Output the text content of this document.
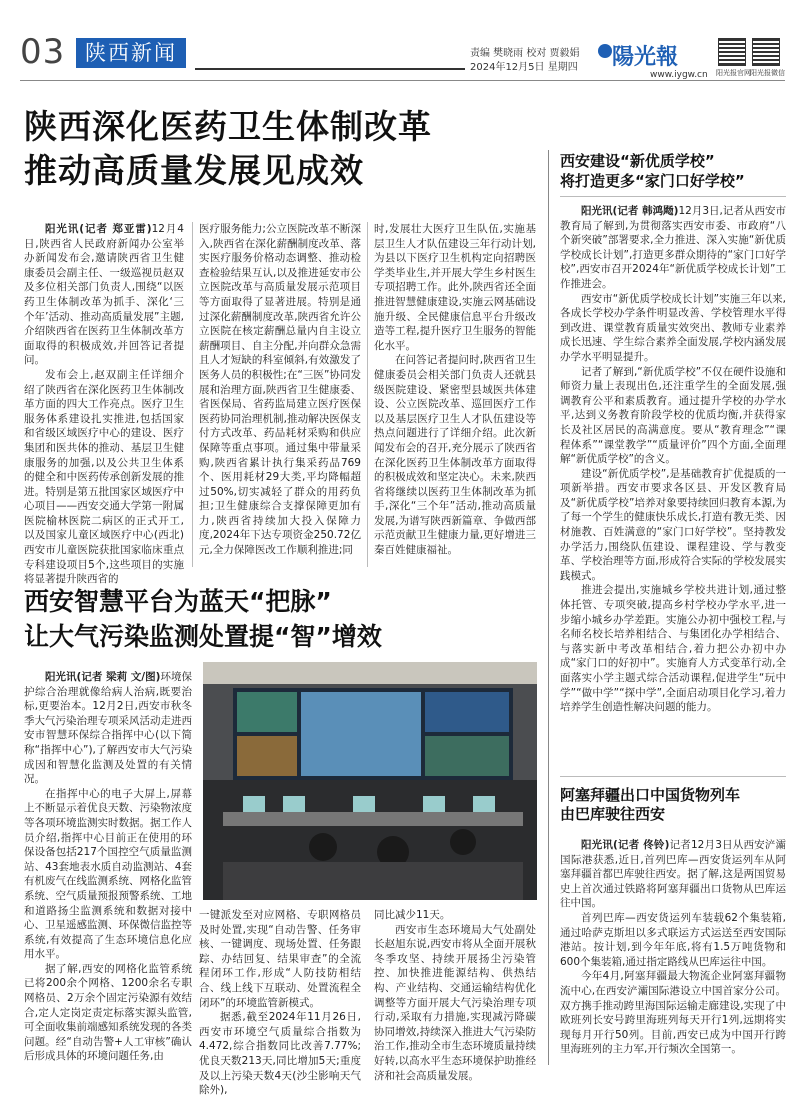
03 陕西新闻	责编 樊晓雨 校对 贾毅娟
2024年12月5日 星期四 陽光報
www.iygw.cn 阳光报官网 阳光报微信
陕西深化医药卫生体制改革
推动高质量发展见成效

阳光讯(记者 郑亚雷)12月4日,陕西省人民政府新闻办公室举办新闻发布会,邀请陕西省卫生健康委员会副主任、一级巡视员赵双及多位相关部门负责人,围绕“以医药卫生体制改革为抓手、深化‘三个年’活动、推动高质量发展”主题,介绍陕西省在医药卫生体制改革方面取得的积极成效,并回答记者提问。

发布会上,赵双副主任详细介绍了陕西省在深化医药卫生体制改革方面的四大工作亮点。医疗卫生服务体系建设扎实推进,包括国家和省级区域医疗中心的建设、医疗集团和医共体的推动、基层卫生健康服务的加强,以及公共卫生体系的健全和中医药传承创新发展的推进。特别是第五批国家区域医疗中心项目——西安交通大学第一附属医院榆林医院二病区的正式开工,以及国家儿童区域医疗中心(西北)西安市儿童医院获批国家临床重点专科建设项目5个,这些项目的实施将显著提升陕西省的

医疗服务能力;公立医院改革不断深入,陕西省在深化薪酬制度改革、落实医疗服务价格动态调整、推动检查检验结果互认,以及推进延安市公立医院改革与高质量发展示范项目等方面取得了显著进展。特别是通过深化薪酬制度改革,陕西省允许公立医院在核定薪酬总量内自主设立薪酬项目、自主分配,并向群众急需且人才短缺的科室倾斜,有效激发了医务人员的积极性;在“三医”协同发展和治理方面,陕西省卫生健康委、省医保局、省药监局建立医疗医保医药协同治理机制,推动解决医保支付方式改革、药品耗材采购和供应保障等重点事项。通过集中带量采购,陕西省累计执行集采药品769个、医用耗材29大类,平均降幅超过50%,切实减轻了群众的用药负担;卫生健康综合支撑保障更加有力,陕西省持续加大投入保障力度,2024年下达专项资金250.72亿元,全力保障医改工作顺利推进;同

时,发展壮大医疗卫生队伍,实施基层卫生人才队伍建设三年行动计划,为县以下医疗卫生机构定向招聘医学类毕业生,并开展大学生乡村医生专项招聘工作。此外,陕西省还全面推进智慧健康建设,实施云网基础设施升级、全民健康信息平台升级改造等工程,提升医疗卫生服务的智能化水平。

在问答记者提问时,陕西省卫生健康委员会相关部门负责人还就县级医院建设、紧密型县域医共体建设、公立医院改革、巡回医疗工作以及基层医疗卫生人才队伍建设等热点问题进行了详细介绍。此次新闻发布会的召开,充分展示了陕西省在深化医药卫生体制改革方面取得的积极成效和坚定决心。未来,陕西省将继续以医药卫生体制改革为抓手,深化“三个年”活动,推动高质量发展,为谱写陕西新篇章、争做西部示范贡献卫生健康力量,更好增进三秦百姓健康福祉。

西安智慧平台为蓝天“把脉”
让大气污染监测处置提“智”增效

阳光讯(记者 梁莉 文/图)环境保护综合治理就像给病人治病,既要治标,更要治本。12月2日,西安市秋冬季大气污染治理专项采风活动走进西安市智慧环保综合指挥中心(以下简称“指挥中心”),了解西安市大气污染成因和智慧化监测及处置的有关情况。

在指挥中心的电子大屏上,屏幕上不断显示着优良天数、污染物浓度等各项环境监测实时数据。据工作人员介绍,指挥中心目前正在使用的环保设备包括217个国控空气质量监测站、43套地表水质自动监测站、4套有机废气在线监测系统、网格化监管系统、空气质量预报预警系统、工地和道路扬尘监测系统和数据对接中心、卫星遥感监测、环保微信监控等系统,有效提高了生态环境信息化应用水平。

据了解,西安的网格化监管系统已将200余个网格、1200余名专职网格员、2万余个固定污染源有效结合,定人定岗定责定标落实源头监管,可全面收集前端感知系统发现的各类问题。经“自动告警+人工审核”确认后形成具体的环境问题任务,由

一键派发至对应网格、专职网格员及时处置,实现“自动告警、任务审核、一键调度、现场处置、任务跟踪、办结回复、结果审查”的全流程闭环工作,形成“人防技防相结合、线上线下互联动、处置流程全闭环”的环境监管新模式。

据悉,截至2024年11月26日,西安市环境空气质量综合指数为4.472,综合指数同比改善7.77%;优良天数213天,同比增加5天;重度及以上污染天数4天(沙尘影响天气除外),

同比减少11天。

西安市生态环境局大气处副处长赵旭东说,西安市将从全面开展秋冬季攻坚、持续开展扬尘污染管控、加快推进能源结构、供热结构、产业结构、交通运输结构优化调整等方面开展大气污染治理专项行动,采取有力措施,实现减污降碳协同增效,持续深入推进大气污染防治工作,推动全市生态环境质量持续好转,以高水平生态环境保护助推经济和社会高质量发展。

西安建设“新优质学校”
将打造更多“家门口好学校”

阳光讯(记者 韩鸿飏)12月3日,记者从西安市教育局了解到,为贯彻落实西安市委、市政府“八个新突破”部署要求,全力推进、深入实施“新优质学校成长计划”,打造更多群众期待的“家门口好学校”,西安市召开2024年“新优质学校成长计划”工作推进会。

西安市“新优质学校成长计划”实施三年以来,各成长学校办学条件明显改善、学校管理水平得到改进、课堂教育质量实效突出、教师专业素养成长迅速、学生综合素养全面发展,学校内涵发展办学水平明显提升。

记者了解到,“新优质学校”不仅在硬件设施和师资力量上表现出色,还注重学生的全面发展,强调教育公平和素质教育。通过提升学校的办学水平,达到义务教育阶段学校的优质均衡,并获得家长及社区居民的高满意度。要从“教育理念”“课程体系”“课堂教学”“质量评价”四个方面,全面理解“新优质学校”的含义。

建设“新优质学校”,是基础教育扩优提质的一项新举措。西安市要求各区县、开发区教育局及“新优质学校”培养对象要持续回归教育本源,为了每一个学生的健康快乐成长,打造有教无类、因材施教、百姓满意的“家门口好学校”。坚持教发办学活力,围绕队伍建设、课程建设、学与教变革、学校治理等方面,形成符合实际的学校发展实践模式。

推进会提出,实施城乡学校共进计划,通过整体托管、专项突破,提高乡村学校办学水平,进一步缩小城乡办学差距。实施公办初中强校工程,与名师名校长培养相结合、与集团化办学相结合、与落实新中考改革相结合,着力把公办初中办成“家门口的好初中”。实施育人方式变革行动,全面落实小学主题式综合活动课程,促进学生“玩中学”“做中学”“探中学”,全面启动项目化学习,着力培养学生创造性解决问题的能力。

阿塞拜疆出口中国货物列车
由巴库驶往西安

阳光讯(记者 佟铃)记者12月3日从西安浐灞国际港获悉,近日,首列巴库—西安货运列车从阿塞拜疆首都巴库驶往西安。据了解,这是两国贸易史上首次通过铁路将阿塞拜疆出口货物从巴库运往中国。

首列巴库—西安货运列车装载62个集装箱,通过哈萨克斯坦以多式联运方式运送至西安国际港站。按计划,到今年年底,将有1.5万吨货物和600个集装箱,通过指定路线从巴库运往中国。

今年4月,阿塞拜疆最大物流企业阿塞拜疆物流中心,在西安浐灞国际港设立中国首家分公司。双方携手推动跨里海国际运输走廊建设,实现了中欧班列长安号跨里海班列每天开行1列,远期将实现每月开行50列。目前,西安已成为中国开行跨里海班列的主力军,开行频次全国第一。
